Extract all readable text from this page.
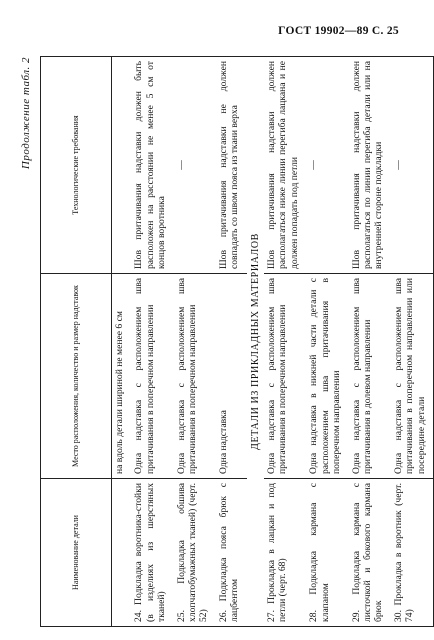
ГОСТ 19902—89 С. 25
Продолжение табл. 2
Наименование детали	Место расположения, количество и размер надставок	Технологические требования
	на вдоль детали шириной не менее 6 см	
24. Подкладка воротника-стойки (в изделиях из шерстяных тканей)	Одна надставка с расположением шва притачивания в поперечном направлении	Шов притачивания надставки должен быть расположен на расстоянии не менее 5 см от концов воротника
25. Подкладка обшива хлопчатобумажных тканей) (черт. 52)	Одна надставка с расположением шва притачивания в поперечном направлении	—
26. Подкладка пояса брюк с лацбентом	Одна надставка	Шов притачивания надставки не должен совпадать со швом пояса из ткани верха
ДЕТАЛИ ИЗ ПРИКЛАДНЫХ МАТЕРИАЛОВ		
27. Прокладка в лацкан и под петли (черт. 68)	Одна надставка с расположением шва притачивания в поперечном направлении	Шов притачивания надставки должен располагаться ниже линии перегиба лацкана и не должен попадать под петли
28. Подкладка кармана с клапаном	Одна надставка в нижней части детали с расположением шва притачивания в поперечном направлении	—
29. Подкладка кармана с листочкой и бокового кармана брюк	Одна надставка с расположением шва притачивания в долевом направлении	Шов притачивания надставки должен располагаться по линии перегиба детали или на внутренней стороне подкладки
30. Прокладка в воротник (черт. 74)	Одна надставка с расположением шва притачивания в поперечном направлении или посередине детали	—
